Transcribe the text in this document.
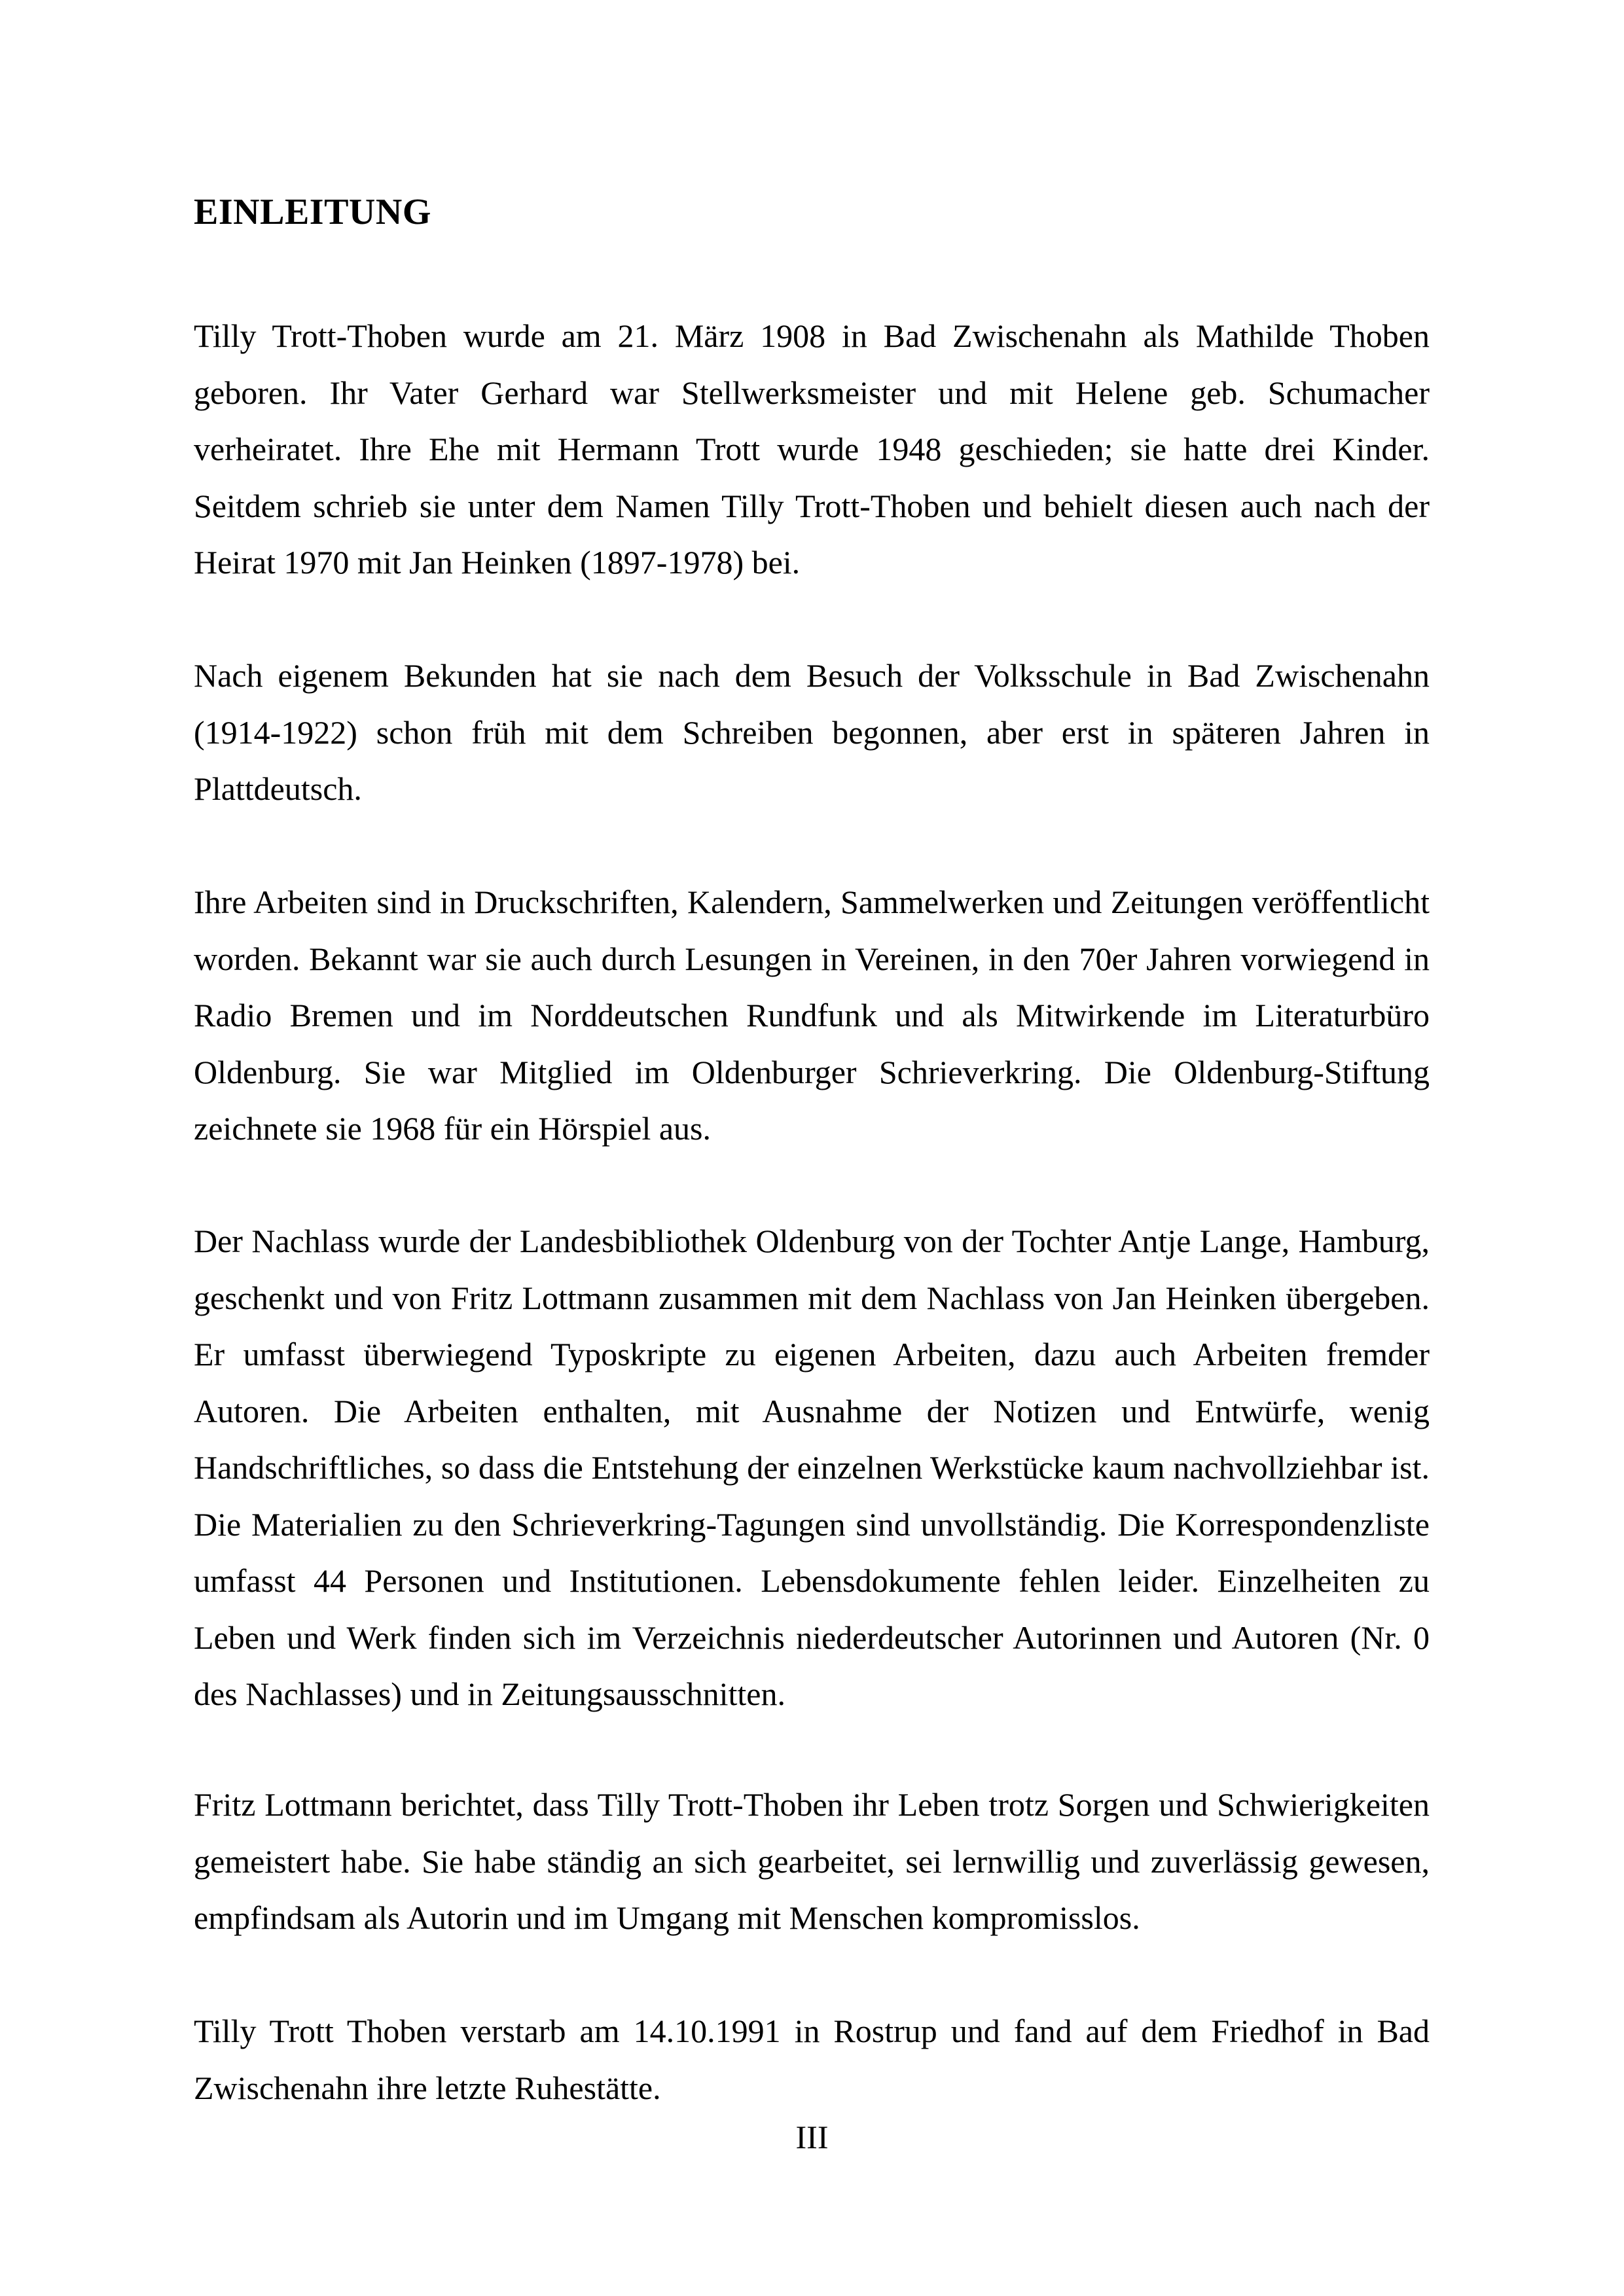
EINLEITUNG

Tilly Trott-Thoben wurde am 21. März 1908 in Bad Zwischenahn als Mathilde Thoben geboren. Ihr Vater Gerhard war Stellwerksmeister und mit Helene geb. Schumacher verheiratet. Ihre Ehe mit Hermann Trott wurde 1948 geschieden; sie hatte drei Kinder. Seitdem schrieb sie unter dem Namen Tilly Trott-Thoben und behielt diesen auch nach der Heirat 1970 mit Jan Heinken (1897-1978) bei.

Nach eigenem Bekunden hat sie nach dem Besuch der Volksschule in Bad Zwischenahn (1914-1922) schon früh mit dem Schreiben begonnen, aber erst in späteren Jahren in Plattdeutsch.

Ihre Arbeiten sind in Druckschriften, Kalendern, Sammelwerken und Zeitungen veröffentlicht worden. Bekannt war sie auch durch Lesungen in Vereinen, in den 70er Jahren vorwiegend in Radio Bremen und im Norddeutschen Rundfunk und als Mitwirkende im Literaturbüro Oldenburg. Sie war Mitglied im Oldenburger Schrieverkring. Die Oldenburg-Stiftung zeichnete sie 1968 für ein Hörspiel aus.

Der Nachlass wurde der Landesbibliothek Oldenburg von der Tochter Antje Lange, Hamburg, geschenkt und von Fritz Lottmann zusammen mit dem Nachlass von Jan Heinken übergeben. Er umfasst überwiegend Typoskripte zu eigenen Arbeiten, dazu auch Arbeiten fremder Autoren. Die Arbeiten enthalten, mit Ausnahme der Notizen und Entwürfe, wenig Handschriftliches, so dass die Entstehung der einzelnen Werkstücke kaum nachvollziehbar ist. Die Materialien zu den Schrieverkring-Tagungen sind unvollständig. Die Korrespondenzliste umfasst 44 Personen und Institutionen. Lebensdokumente fehlen leider. Einzelheiten zu Leben und Werk finden sich im Verzeichnis niederdeutscher Autorinnen und Autoren (Nr. 0 des Nachlasses) und in Zeitungsausschnitten.

Fritz Lottmann berichtet, dass Tilly Trott-Thoben ihr Leben trotz Sorgen und Schwierigkeiten gemeistert habe. Sie habe ständig an sich gearbeitet, sei lernwillig und zuverlässig gewesen, empfindsam als Autorin und im Umgang mit Menschen kompromisslos.

Tilly Trott Thoben verstarb am 14.10.1991 in Rostrup und fand auf dem Friedhof in Bad Zwischenahn ihre letzte Ruhestätte.

III
